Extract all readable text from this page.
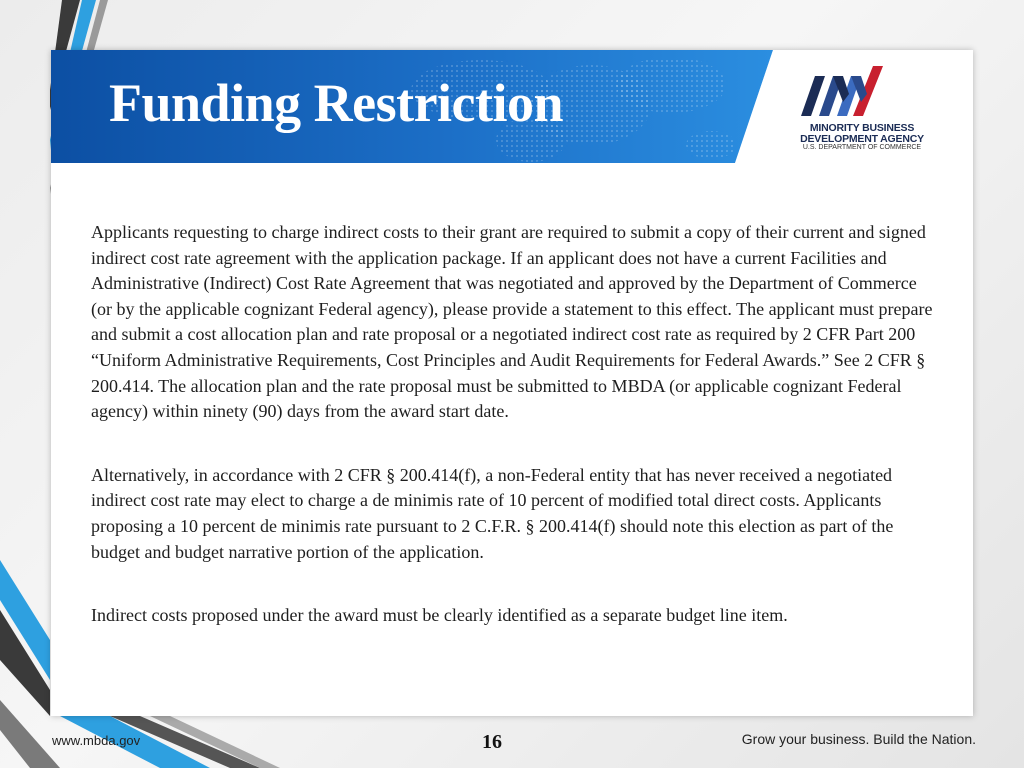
Funding Restriction	MINORITY BUSINESS
DEVELOPMENT AGENCY
U.S. DEPARTMENT OF COMMERCE

Applicants requesting to charge indirect costs to their grant are required to submit a copy of their current and signed indirect cost rate agreement with the application package. If an applicant does not have a current Facilities and Administrative (Indirect) Cost Rate Agreement that was negotiated and approved by the Department of Commerce (or by the applicable cognizant Federal agency), please provide a statement to this effect. The applicant must prepare and submit a cost allocation plan and rate proposal or a negotiated indirect cost rate as required by 2 CFR Part 200 “Uniform Administrative Requirements, Cost Principles and Audit Requirements for Federal Awards.” See 2 CFR § 200.414. The allocation plan and the rate proposal must be submitted to MBDA (or applicable cognizant Federal agency) within ninety (90) days from the award start date.

Alternatively, in accordance with 2 CFR § 200.414(f), a non-Federal entity that has never received a negotiated indirect cost rate may elect to charge a de minimis rate of 10 percent of modified total direct costs. Applicants proposing a 10 percent de minimis rate pursuant to 2 C.F.R. § 200.414(f) should note this election as part of the budget and budget narrative portion of the application.

Indirect costs proposed under the award must be clearly identified as a separate budget line item.

www.mbda.gov	16	Grow your business. Build the Nation.
